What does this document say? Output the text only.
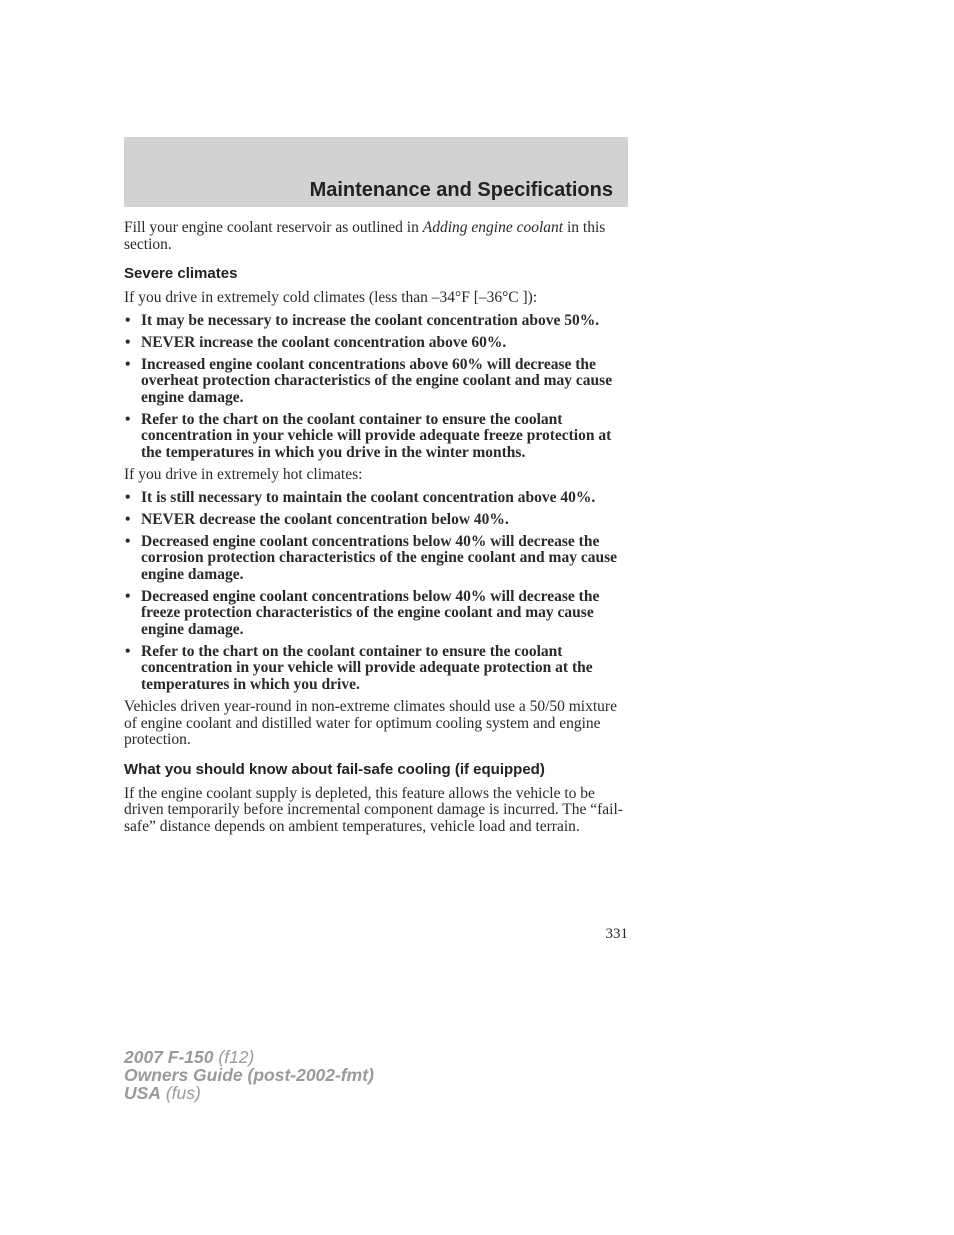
Maintenance and Specifications

Fill your engine coolant reservoir as outlined in Adding engine coolant in this section.

Severe climates

If you drive in extremely cold climates (less than –34°F [–36°C ]):

• It may be necessary to increase the coolant concentration above 50%.
• NEVER increase the coolant concentration above 60%.
• Increased engine coolant concentrations above 60% will decrease the overheat protection characteristics of the engine coolant and may cause engine damage.
• Refer to the chart on the coolant container to ensure the coolant concentration in your vehicle will provide adequate freeze protection at the temperatures in which you drive in the winter months.

If you drive in extremely hot climates:

• It is still necessary to maintain the coolant concentration above 40%.
• NEVER decrease the coolant concentration below 40%.
• Decreased engine coolant concentrations below 40% will decrease the corrosion protection characteristics of the engine coolant and may cause engine damage.
• Decreased engine coolant concentrations below 40% will decrease the freeze protection characteristics of the engine coolant and may cause engine damage.
• Refer to the chart on the coolant container to ensure the coolant concentration in your vehicle will provide adequate protection at the temperatures in which you drive.

Vehicles driven year-round in non-extreme climates should use a 50/50 mixture of engine coolant and distilled water for optimum cooling system and engine protection.

What you should know about fail-safe cooling (if equipped)

If the engine coolant supply is depleted, this feature allows the vehicle to be driven temporarily before incremental component damage is incurred. The “fail-safe” distance depends on ambient temperatures, vehicle load and terrain.

331
2007 F-150 (f12)
Owners Guide (post-2002-fmt)
USA (fus)
